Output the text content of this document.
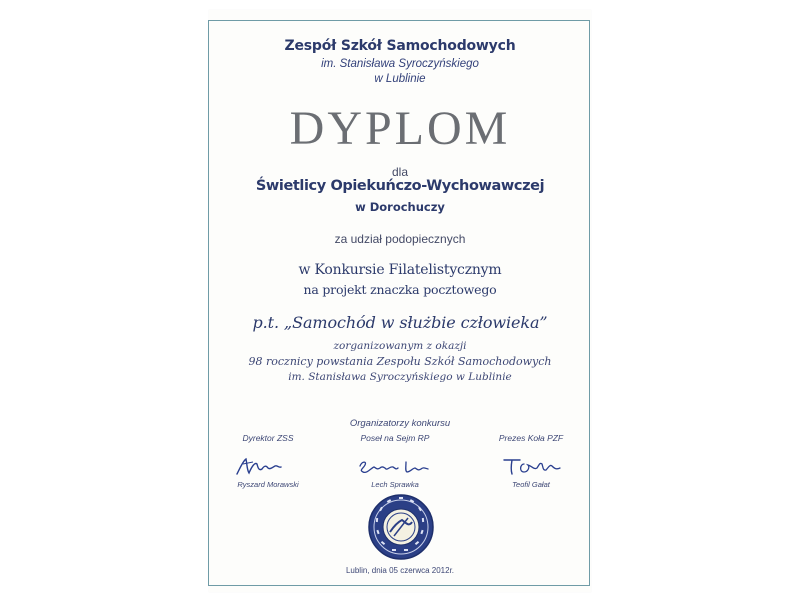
Zespół Szkół Samochodowych

im. Stanisława Syroczyńskiego

w Lublinie

DYPLOM

dla

Świetlicy Opiekuńczo-Wychowawczej

w Dorochuczy

za udział podopiecznych

w Konkursie Filatelistycznym

na projekt znaczka pocztowego

p.t. „Samochód w służbie człowieka”

zorganizowanym z okazji

98 rocznicy powstania Zespołu Szkół Samochodowych

im. Stanisława Syroczyńskiego w Lublinie

Organizatorzy konkursu

Dyrektor ZSS
Ryszard Morawski
Poseł na Sejm RP
Lech Sprawka
Prezes Koła PZF
Teofil Gałat

Lublin, dnia 05 czerwca 2012r.
